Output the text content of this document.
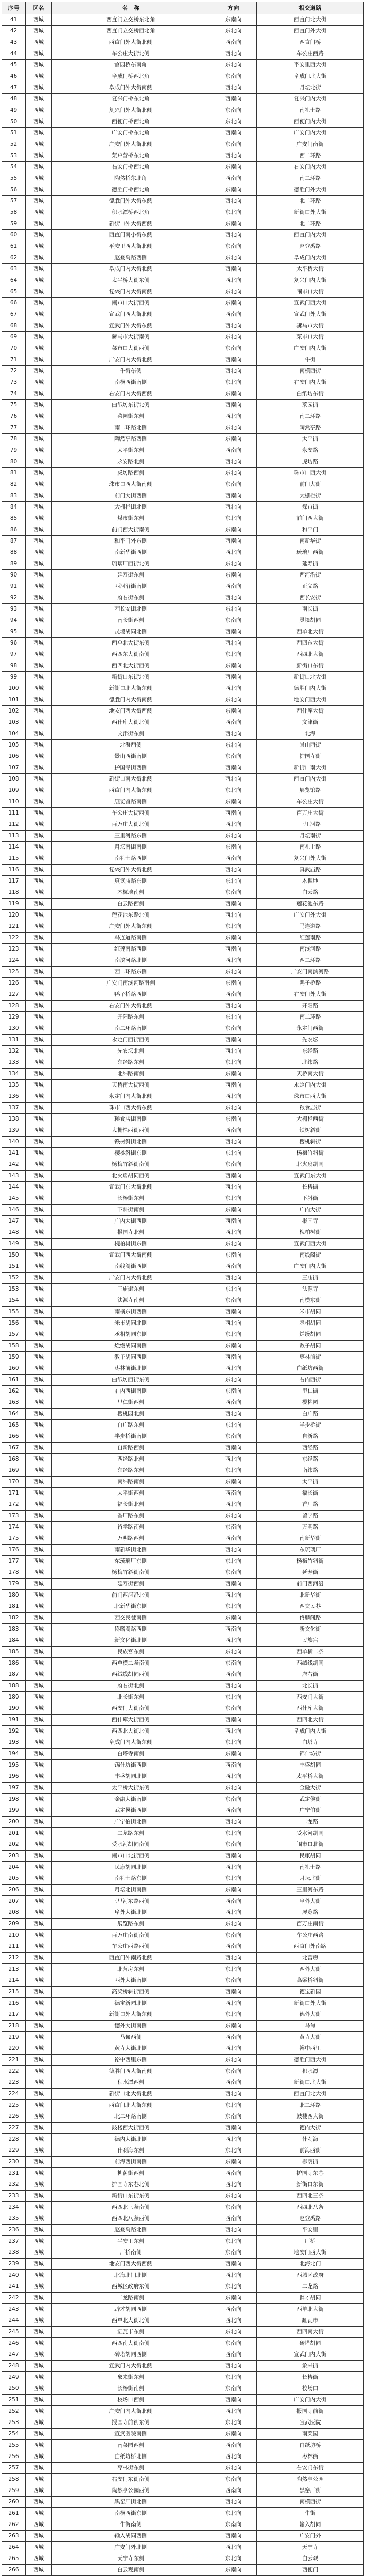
序号	区名	名　称	方向	相交道路
41	西城	西直门立交桥东北角	东南向	西直门北大街
42	西城	西直门立交桥西北角	东北向	西直门外大街
43	西城	西直门外大街北侧	西南向	西直门桥
44	西城	车公庄大街北侧	西北向	车公庄西路
45	西城	官园桥东南角	东北向	平安里西大街
46	西城	阜成门桥西北角	东南向	阜成门北大街
47	西城	阜成门外大街南侧	西北向	月坛北街
48	西城	复兴门桥东北角	西南向	复兴门内大街
49	西城	复兴门外大街北侧	东南向	南礼士路
50	西城	西便门桥西北角	东北向	西便门内大街
51	西城	广安门桥东北角	西南向	广安门内大街
52	西城	广安门外大街北侧	东南向	广安门南街
53	西城	菜户营桥东北角	西北向	西二环路
54	西城	右安门桥西北角	东南向	右安门内大街
55	西城	陶然桥东北角	西南向	南二环路
56	西城	德胜门桥西北角	东南向	德胜门外大街
57	西城	德胜门外大街东侧	西北向	北二环路
58	西城	积水潭桥西北角	东北向	新街口外大街
59	西城	新街口外大街西侧	东南向	北二环路
60	西城	西直门南小街东侧	西北向	西直门内大街
61	西城	平安里西大街北侧	东南向	赵登禹路
62	西城	赵登禹路西侧	东北向	阜成门内大街
63	西城	阜成门内大街北侧	西南向	太平桥大街
64	西城	太平桥大街东侧	西北向	复兴门内大街
65	西城	复兴门内大街南侧	东北向	闹市口大街
66	西城	闹市口大街西侧	东南向	宣武门西大街
67	西城	宣武门西大街北侧	西南向	宣武门外大街
68	西城	宣武门外大街东侧	西北向	骡马市大街
69	西城	骡马市大街南侧	东北向	菜市口大街
70	西城	菜市口大街西侧	东南向	广安门内大街
71	西城	广安门内大街北侧	西南向	牛街
72	西城	牛街东侧	西北向	南横西街
73	西城	南横西街南侧	东北向	右安门内大街
74	西城	右安门内大街西侧	东南向	白纸坊东街
75	西城	白纸坊东街北侧	西南向	菜园街
76	西城	菜园街东侧	西北向	南二环路
77	西城	南二环路北侧	东北向	陶然亭路
78	西城	陶然亭路西侧	东南向	太平街
79	西城	太平街东侧	西南向	永安路
80	西城	永安路北侧	西北向	虎坊路
81	西城	虎坊路西侧	东北向	珠市口西大街
82	西城	珠市口西大街南侧	东南向	前门大街
83	西城	前门大街西侧	西南向	大栅栏街
84	西城	大栅栏街北侧	西北向	煤市街
85	西城	煤市街东侧	东北向	前门西大街
86	西城	前门西大街南侧	东南向	和平门
87	西城	和平门外东侧	西南向	南新华街
88	西城	南新华街西侧	西北向	琉璃厂西街
89	西城	琉璃厂西街北侧	东北向	延寿街
90	西城	延寿街东侧	东南向	西河沿街
91	西城	西河沿街南侧	西南向	正义路
92	西城	府右街东侧	西北向	西长安街
93	西城	西长安街北侧	东北向	南长街
94	西城	南长街西侧	东南向	灵境胡同
95	西城	灵境胡同北侧	西南向	西单北大街
96	西城	西单北大街东侧	西北向	西四东大街
97	西城	西四东大街南侧	东北向	西四北大街
98	西城	西四北大街西侧	东南向	新街口东街
99	西城	新街口东街北侧	西南向	新街口北大街
100	西城	新街口北大街东侧	西北向	德胜门内大街
101	西城	德胜门内大街南侧	东北向	地安门西大街
102	西城	地安门西大街西侧	东南向	西什库大街
103	西城	西什库大街北侧	西南向	文津街
104	西城	文津街东侧	西北向	北海
105	西城	北海西侧	东北向	景山西街
106	西城	景山西街南侧	东南向	护国寺街
107	西城	护国寺街西侧	西南向	新街口南大街
108	西城	新街口南大街北侧	西北向	西直门内大街
109	西城	西直门内大街东侧	东北向	展览馆路
110	西城	展览馆路南侧	东南向	车公庄大街
111	西城	车公庄大街西侧	西南向	百万庄大街
112	西城	百万庄大街北侧	西北向	三里河路
113	西城	三里河路东侧	东北向	月坛南街
114	西城	月坛南街南侧	东南向	南礼士路
115	西城	南礼士路西侧	西南向	复兴门外大街
116	西城	复兴门外大街北侧	西北向	真武庙路
117	西城	真武庙路东侧	东北向	木樨地
118	西城	木樨地南侧	东南向	白云路
119	西城	白云路西侧	西南向	莲花池东路
120	西城	莲花池东路北侧	西北向	广安门外大街
121	西城	广安门外大街东侧	东北向	马连道路
122	西城	马连道路南侧	东南向	红莲南路
123	西城	红莲南路西侧	西南向	南滨河路
124	西城	南滨河路北侧	西北向	西二环路
125	西城	西二环路东侧	东北向	广安门南滨河路
126	西城	广安门南滨河路南侧	东南向	鸭子桥路
127	西城	鸭子桥路西侧	西南向	右安门外大街
128	西城	右安门外大街北侧	西北向	开阳路
129	西城	开阳路东侧	东北向	南二环路
130	西城	南二环路南侧	东南向	永定门西街
131	西城	永定门西街西侧	西南向	先农坛
132	西城	先农坛北侧	西北向	东经路
133	西城	东经路东侧	东北向	北纬路
134	西城	北纬路南侧	东南向	天桥南大街
135	西城	天桥南大街西侧	西南向	永定门内大街
136	西城	永定门内大街北侧	西北向	珠市口西大街
137	西城	珠市口西大街东侧	东北向	粮食店街
138	西城	粮食店街南侧	东南向	大栅栏西街
139	西城	大栅栏西街西侧	西南向	铁树斜街
140	西城	铁树斜街北侧	西北向	樱桃斜街
141	西城	樱桃斜街东侧	东北向	杨梅竹斜街
142	西城	杨梅竹斜街南侧	东南向	北火扇胡同
143	西城	北火扇胡同西侧	西南向	宣武门东大街
144	西城	宣武门东大街北侧	西北向	长椿街
145	西城	长椿街东侧	东北向	下斜街
146	西城	下斜街南侧	东南向	广内大街
147	西城	广内大街西侧	西南向	报国寺
148	西城	报国寺北侧	西北向	槐柏树街
149	西城	槐柏树街东侧	东北向	宣武门西大街
150	西城	宣武门西大街南侧	东南向	南线阁街
151	西城	南线阁街西侧	西南向	广安门内大街
152	西城	广安门内大街北侧	西北向	三庙街
153	西城	三庙街东侧	东北向	法源寺
154	西城	法源寺南侧	东南向	南横东街
155	西城	南横东街西侧	西南向	米市胡同
156	西城	米市胡同北侧	西北向	丞相胡同
157	西城	丞相胡同东侧	东北向	烂缦胡同
158	西城	烂缦胡同南侧	东南向	教子胡同
159	西城	教子胡同西侧	西南向	枣林前街
160	西城	枣林前街北侧	西北向	白纸坊西街
161	西城	白纸坊西街东侧	东北向	右内西街
162	西城	右内西街南侧	东南向	里仁街
163	西城	里仁街西侧	西南向	樱桃园
164	西城	樱桃园北侧	西北向	白广路
165	西城	白广路东侧	东北向	半步桥街
166	西城	半步桥街南侧	东南向	自新路
167	西城	自新路西侧	西南向	西经路
168	西城	西经路北侧	西北向	东经路
169	西城	东经路东侧	东北向	南纬路
170	西城	南纬路南侧	东南向	太平街
171	西城	太平街西侧	西南向	福长街
172	西城	福长街北侧	西北向	香厂路
173	西城	香厂路东侧	东北向	留学路
174	西城	留学路南侧	东南向	万明路
175	西城	万明路西侧	西南向	南新华街
176	西城	南新华街北侧	西北向	东琉璃厂
177	西城	东琉璃厂东侧	东北向	杨梅竹斜街
178	西城	杨梅竹斜街南侧	东南向	延寿街
179	西城	延寿街西侧	西南向	前门西河沿
180	西城	前门西河沿北侧	西北向	北新华街
181	西城	北新华街东侧	东北向	西交民巷
182	西城	西交民巷南侧	东南向	佟麟阁路
183	西城	佟麟阁路西侧	西南向	新文化街
184	西城	新文化街北侧	西北向	民族宫
185	西城	民族宫东侧	东北向	西单横二条
186	西城	西单横二条南侧	东南向	西绒线胡同
187	西城	西绒线胡同西侧	西南向	府右街
188	西城	府右街北侧	西北向	北长街
189	西城	北长街东侧	东北向	西安门大街
190	西城	西安门大街南侧	东南向	西什库大街
191	西城	西什库大街西侧	西南向	西四北大街
192	西城	西四北大街北侧	西北向	阜成门内大街
193	西城	阜成门内大街东侧	东北向	白塔寺
194	西城	白塔寺南侧	东南向	锦什坊街
195	西城	锦什坊街西侧	西南向	丰盛胡同
196	西城	丰盛胡同北侧	西北向	太平桥大街
197	西城	太平桥大街东侧	东北向	金融大街
198	西城	金融大街南侧	东南向	武定侯街
199	西城	武定侯街西侧	西南向	广宁伯街
200	西城	广宁伯街北侧	西北向	二龙路
201	西城	二龙路东侧	东北向	受水河胡同
202	西城	受水河胡同南侧	东南向	闹市口北街
203	西城	闹市口北街西侧	西南向	民康胡同
204	西城	民康胡同北侧	西北向	南礼士路
205	西城	南礼士路东侧	东北向	月坛北街
206	西城	月坛北街南侧	东南向	三里河东路
207	西城	三里河东路西侧	西南向	阜外大街
208	西城	阜外大街北侧	西北向	展览路
209	西城	展览路东侧	东北向	百万庄南街
210	西城	百万庄南街南侧	东南向	车公庄西路
211	西城	车公庄西路西侧	西南向	西直门外南路
212	西城	西直门外南路北侧	西北向	北营房
213	西城	北营房东侧	东北向	西外大街
214	西城	西外大街南侧	东南向	高梁桥斜街
215	西城	高梁桥斜街西侧	西南向	德宝新园
216	西城	德宝新园北侧	西北向	新街口外大街
217	西城	新街口外大街东侧	东北向	德外大街
218	西城	德外大街南侧	东南向	马甸
219	西城	马甸西侧	西南向	黄寺大街
220	西城	黄寺大街北侧	西北向	裕中西里
221	西城	裕中西里东侧	东北向	德胜门西大街
222	西城	德胜门西大街南侧	东南向	积水潭
223	西城	积水潭西侧	西南向	新街口北大街
224	西城	新街口北大街北侧	西北向	西直门北大街
225	西城	西直门北大街东侧	东北向	北二环路
226	西城	北二环路南侧	东南向	鼓楼西大街
227	西城	鼓楼西大街西侧	西南向	德内大街
228	西城	德内大街北侧	西北向	什刹海
229	西城	什刹海东侧	东北向	前海西街
230	西城	前海西街南侧	东南向	柳荫街
231	西城	柳荫街西侧	西南向	护国寺东巷
232	西城	护国寺东巷北侧	西北向	新街口东街
233	西城	新街口东街东侧	东北向	西四北三条
234	西城	西四北三条南侧	东南向	西四北八条
235	西城	西四北八条西侧	西南向	赵登禹路
236	西城	赵登禹路北侧	西北向	平安里
237	西城	平安里东侧	东北向	厂桥
238	西城	厂桥南侧	东南向	地安门西大街
239	西城	地安门西大街西侧	西南向	北海北门
240	西城	北海北门北侧	西北向	西城区政府
241	西城	西城区政府东侧	东北向	二龙路
242	西城	二龙路南侧	东南向	辟才胡同
243	西城	辟才胡同西侧	西南向	西单北大街
244	西城	西单北大街北侧	西北向	缸瓦市
245	西城	缸瓦市东侧	东北向	西四南大街
246	西城	西四南大街南侧	东南向	砖塔胡同
247	西城	砖塔胡同西侧	西南向	宣武门内大街
248	西城	宣武门内大街北侧	西北向	象来街
249	西城	象来街东侧	东北向	长椿街
250	西城	长椿街南侧	东南向	校场口
251	西城	校场口西侧	西南向	广安门内大街
252	西城	广安门内大街北侧	西北向	报国寺前街
253	西城	报国寺前街东侧	东北向	宣武医院
254	西城	宣武医院南侧	东南向	南菜园
255	西城	南菜园西侧	西南向	白纸坊桥
256	西城	白纸坊桥北侧	西北向	枣林街
257	西城	枣林街东侧	东北向	右安门东街
258	西城	右安门东街南侧	东南向	陶然亭公园
259	西城	陶然亭公园西侧	西南向	黑窑厂街
260	西城	黑窑厂街北侧	西北向	南横西街
261	西城	南横西街东侧	东北向	牛街
262	西城	牛街南侧	东南向	输入胡同
263	西城	输入胡同西侧	西南向	广安门外
264	西城	广安门外北侧	西北向	天宁寺
265	西城	天宁寺东侧	东北向	白云观
266	西城	白云观南侧	东南向	西便门
